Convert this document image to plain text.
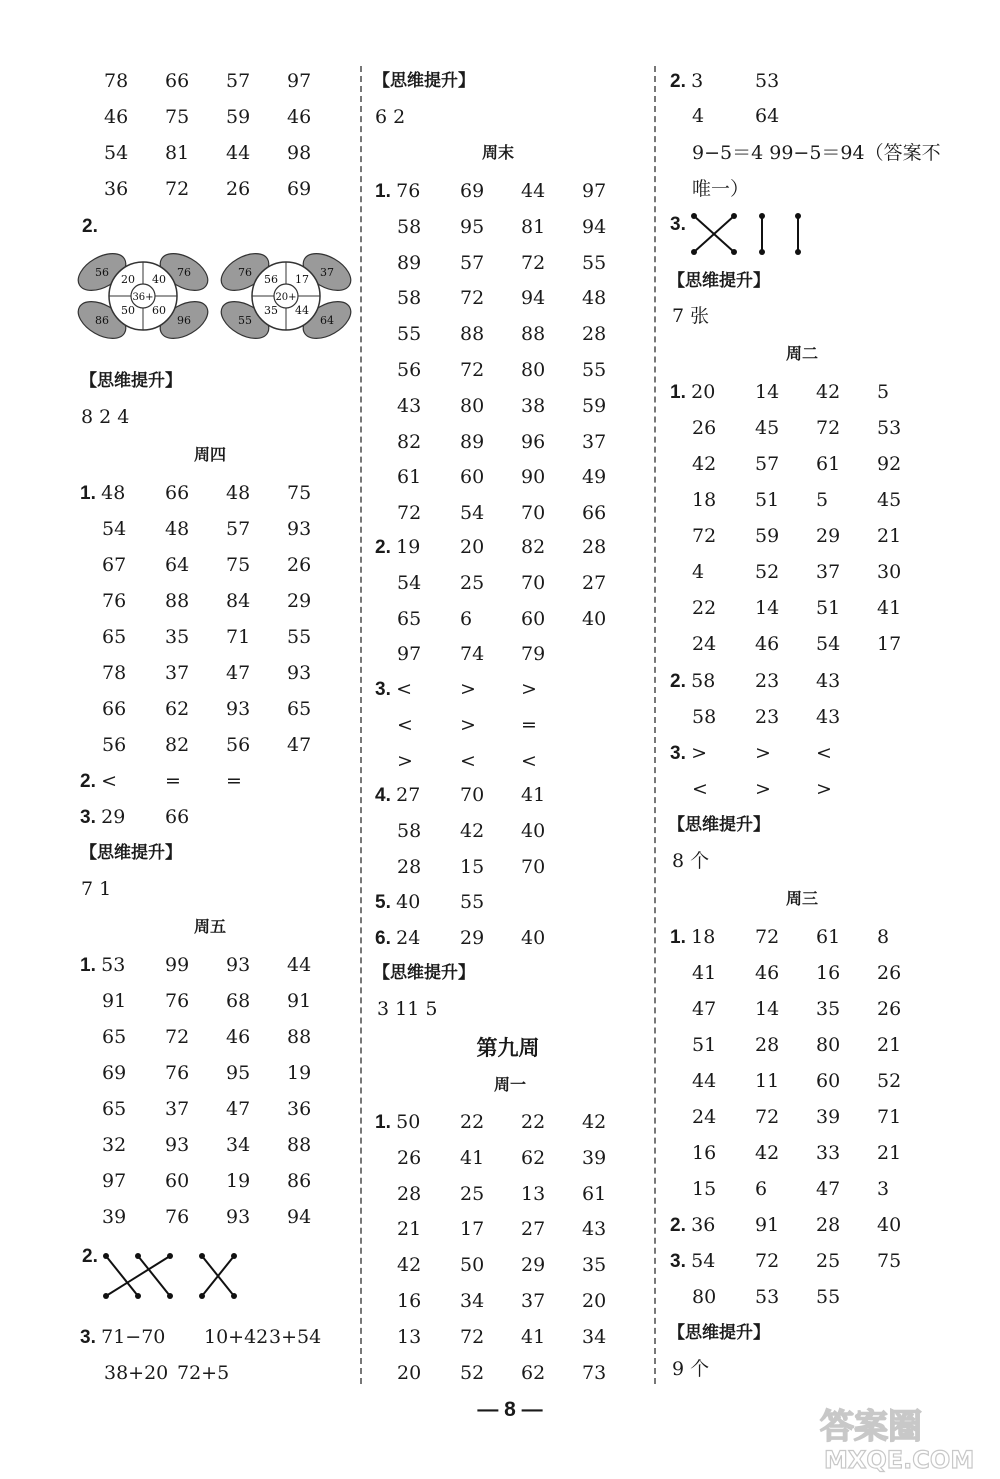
78 66 57 97
46 75 59 46
54 81 44 98
36 72 26 69
2.
56	76
86	96
20 40
50 60
36+
76	37
55	64
56 17
35 44
20+
【思维提升】
8 2 4
周四
1. 48 66 48 75
54 48 57 93
67 64 75 26
76 88 84 29
65 35 71 55
78 37 47 93
66 62 93 65
56 82 56 47
2. <	= =
3. 29 66
【思维提升】
7 1
周五
1. 53 99 93 44
91 76 68 91
65 72 46 88
69 76 95 19
65 37 47 36
32 93 34 88
97 60 19 86
39 76 93 94
2.
3. 71−70 10+42 3+54
38+20 72+5
【思维提升】
6 2
周末
1. 76 69 44 97
58 95 81 94
89 57 72 55
58 72 94 48
55 88 88 28
56 72 80 55
43 80 38 59
82 89 96 37
61 60 90 49
72 54 70 66
2. 19 20 82 28
54 25 70 27
65 6	60 40
97 74 79
3. <	> >
< > =
> < <
4. 27 70 41
58 42 40
28 15 70
5. 40 55
6. 24 29 40
【思维提升】
3 11 5
第九周
周一
1. 50 22 22 42
26 41 62 39
28 25 13 61
21 17 27 43
42 50 29 35
16 34 37 20
13 72 41 34
20 52 62 73
2. 3	53
4	64
9−5＝4 99−5＝94（答案不
唯一）
3.
【思维提升】
7 张
周二
1. 20 14 42 5
26 45 72 53
42 57 61 92
18 51 5	45
72 59 29 21
4	52 37 30
22 14 51 41
24 46 54 17
2. 58 23 43
58 23 43
3. >	> <
< > >
【思维提升】
8 个
周三
1. 18 72 61 8
41 46 16 26
47 14 35 26
51 28 80 21
44 11 60 52
24 72 39 71
16 42 33 21
15 6	47 3
2. 36 91 28 40
3. 54 72 25 75
80 53 55
【思维提升】
9 个
— 8 —	答案圈
MXQE.COM
